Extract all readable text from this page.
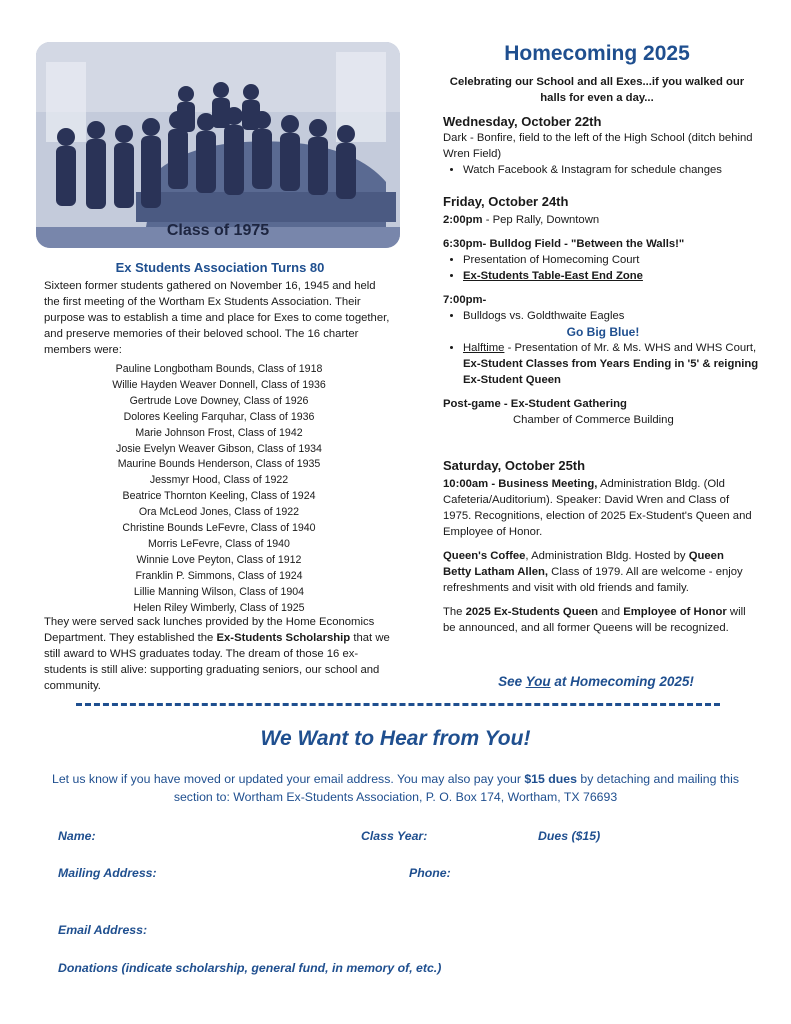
Class of 1975
Homecoming 2025
Celebrating our School and all Exes...if you walked our halls for even a day...
Wednesday, October 22th
Dark - Bonfire, field to the left of the High School (ditch behind Wren Field)
• Watch Facebook & Instagram for schedule changes
Friday, October 24th
2:00pm - Pep Rally, Downtown
6:30pm- Bulldog Field - "Between the Walls!"
• Presentation of Homecoming Court
• Ex-Students Table-East End Zone
7:00pm-
• Bulldogs vs. Goldthwaite Eagles
Go Big Blue!
• Halftime - Presentation of Mr. & Ms. WHS and WHS Court, Ex-Student Classes from Years Ending in '5' & reigning Ex-Student Queen
Post-game - Ex-Student Gathering
Chamber of Commerce Building
Saturday, October 25th
10:00am - Business Meeting, Administration Bldg. (Old Cafeteria/Auditorium). Speaker: David Wren and Class of 1975. Recognitions, election of 2025 Ex-Student's Queen and Employee of Honor.
Queen's Coffee, Administration Bldg. Hosted by Queen Betty Latham Allen, Class of 1979. All are welcome - enjoy refreshments and visit with old friends and family.
The 2025 Ex-Students Queen and Employee of Honor will be announced, and all former Queens will be recognized.
See You at Homecoming 2025!
Ex Students Association Turns 80
Sixteen former students gathered on November 16, 1945 and held the first meeting of the Wortham Ex Students Association. Their purpose was to establish a time and place for Exes to come together, and preserve memories of their beloved school. The 16 charter members were:
Pauline Longbotham Bounds, Class of 1918
Willie Hayden Weaver Donnell, Class of 1936
Gertrude Love Downey, Class of 1926
Dolores Keeling Farquhar, Class of 1936
Marie Johnson Frost, Class of 1942
Josie Evelyn Weaver Gibson, Class of 1934
Maurine Bounds Henderson, Class of 1935
Jessmyr Hood, Class of 1922
Beatrice Thornton Keeling, Class of 1924
Ora McLeod Jones, Class of 1922
Christine Bounds LeFevre, Class of 1940
Morris LeFevre, Class of 1940
Winnie Love Peyton, Class of 1912
Franklin P. Simmons, Class of 1924
Lillie Manning Wilson, Class of 1904
Helen Riley Wimberly, Class of 1925
They were served sack lunches provided by the Home Economics Department. They established the Ex-Students Scholarship that we still award to WHS graduates today. The dream of those 16 ex-students is still alive: supporting graduating seniors, our school and community.
We Want to Hear from You!
Let us know if you have moved or updated your email address. You may also pay your $15 dues by detaching and mailing this section to: Wortham Ex-Students Association, P. O. Box 174, Wortham, TX 76693
Name:	Class Year:	Dues ($15)
Mailing Address:	Phone:
Email Address:
Donations (indicate scholarship, general fund, in memory of, etc.)
